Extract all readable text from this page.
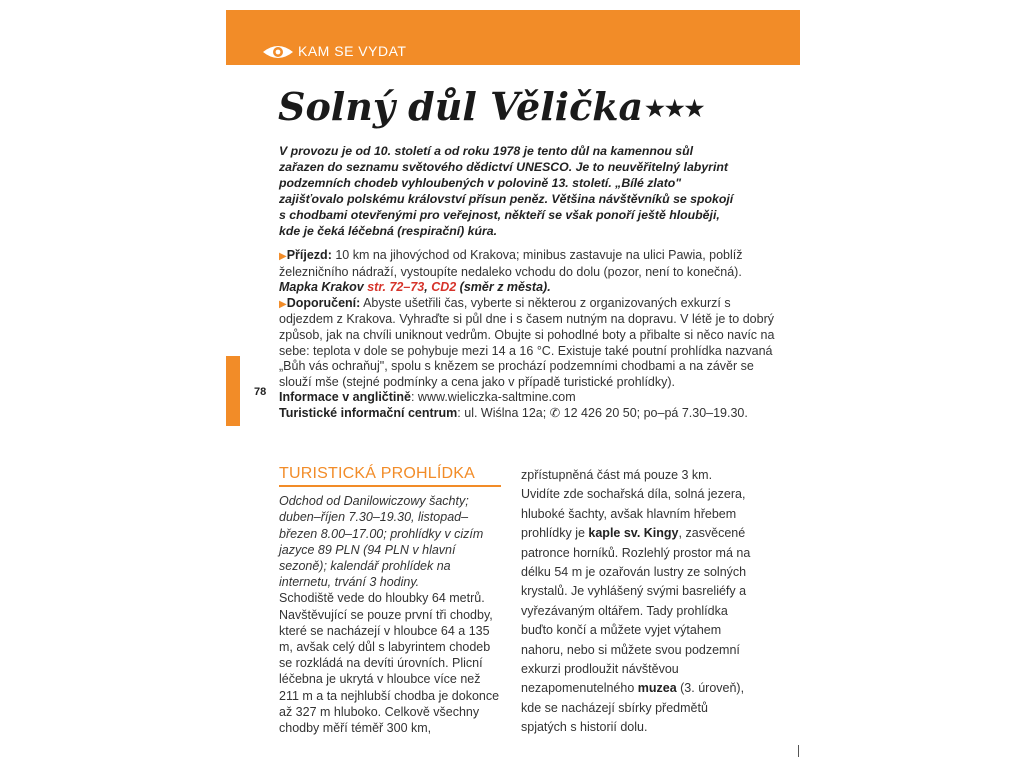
KAM SE VYDAT
Solný důl Vělička★★★

V provozu je od 10. století a od roku 1978 je tento důl na kamennou sůl zařazen do seznamu světového dědictví UNESCO. Je to neuvěřitelný labyrint podzemních chodeb vyhloubených v polovině 13. století. „Bílé zlato" zajišťovalo polskému království přísun peněz. Většina návštěvníků se spokojí s chodbami otevřenými pro veřejnost, někteří se však ponoří ještě hlouběji, kde je čeká léčebná (respirační) kúra.

▶Příjezd: 10 km na jihovýchod od Krakova; minibus zastavuje na ulici Pawia, poblíž železničního nádraží, vystoupíte nedaleko vchodu do dolu (pozor, není to konečná).

Mapka Krakov str. 72–73, CD2 (směr z města).

▶Doporučení: Abyste ušetřili čas, vyberte si některou z organizovaných exkurzí s odjezdem z Krakova. Vyhraďte si půl dne i s časem nutným na dopravu. V létě je to dobrý způsob, jak na chvíli uniknout vedrům. Obujte si pohodlné boty a přibalte si něco navíc na sebe: teplota v dole se pohybuje mezi 14 a 16 °C. Existuje také poutní prohlídka nazvaná „Bůh vás ochraňuj", spolu s knězem se prochází podzemními chodbami a na závěr se slouží mše (stejné podmínky a cena jako v případě turistické prohlídky).

Informace v angličtině: www.wieliczka-saltmine.com

Turistické informační centrum: ul. Wiślna 12a; ✆ 12 426 20 50; po–pá 7.30–19.30.

78
TURISTICKÁ PROHLÍDKA

Odchod od Danilowiczowy šachty; duben–říjen 7.30–19.30, listopad–březen 8.00–17.00; prohlídky v cizím jazyce 89 PLN (94 PLN v hlavní sezoně); kalendář prohlídek na internetu, trvání 3 hodiny.

Schodiště vede do hloubky 64 metrů. Navštěvující se pouze první tři chodby, které se nacházejí v hloubce 64 a 135 m, avšak celý důl s labyrintem chodeb se rozkládá na devíti úrovních. Plicní léčebna je ukrytá v hloubce více než 211 m a ta nejhlubší chodba je dokonce až 327 m hluboko. Celkově všechny chodby měří téměř 300 km,

zpřístupněná část má pouze 3 km. Uvidíte zde sochařská díla, solná jezera, hluboké šachty, avšak hlavním hřebem prohlídky je kaple sv. Kingy, zasvěcené patronce horníků. Rozlehlý prostor má na délku 54 m je ozařován lustry ze solných krystalů. Je vyhlášený svými basreliéfy a vyřezávaným oltářem. Tady prohlídka buďto končí a můžete vyjet výtahem nahoru, nebo si můžete svou podzemní exkurzi prodloužit návštěvou nezapomenutelného muzea (3. úroveň), kde se nacházejí sbírky předmětů spjatých s historií dolu.
